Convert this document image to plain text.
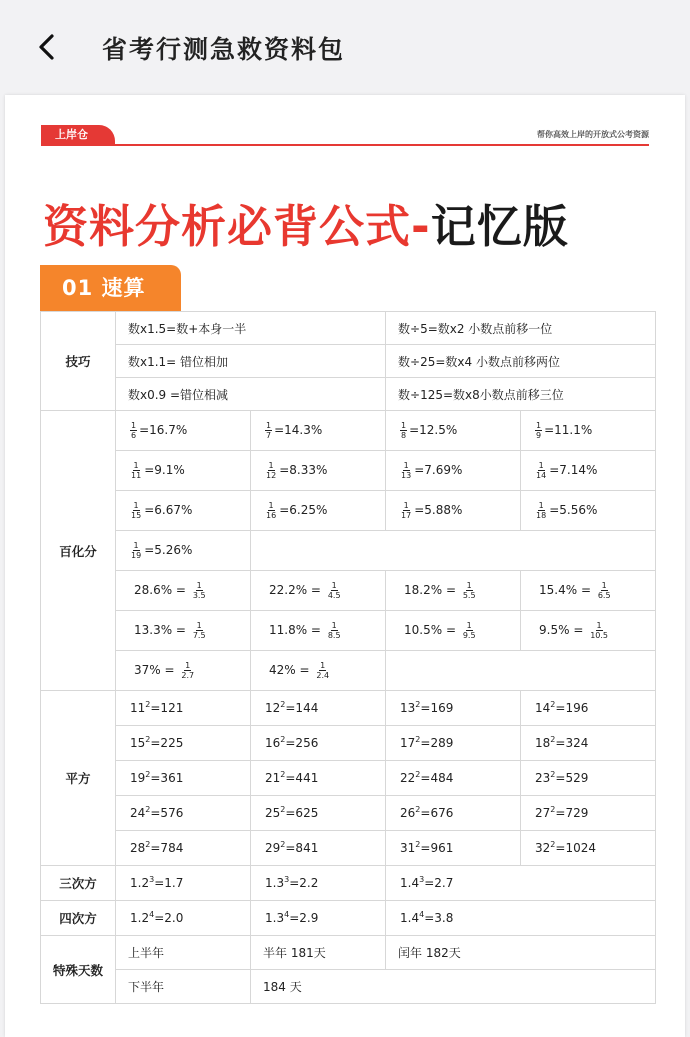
省考行测急救资料包
上岸仓	帮你高效上岸的开放式公考资源
资料分析必背公式-记忆版
01 速算
技巧	数x1.5=数+本身一半		数÷5=数x2 小数点前移一位	
	数x1.1= 错位相加		数÷25=数x4 小数点前移两位	
	数x0.9 =错位相减		数÷125=数x8小数点前移三位	
百化分	$\frac{1}{6} =16.7\%$	$\frac{1}{7} =14.3\%$	$\frac{1}{8} =12.5\%$	$\frac{1}{9} =11.1\%$

	$\frac{1}{11} =9.1\%$	$\frac{1}{12} =8.33\%$	$\frac{1}{13} =7.69\%$	$\frac{1}{14} =7.14\%$

	$\frac{1}{15} =6.67\%$	$\frac{1}{16} =6.25\%$	$\frac{1}{17} =5.88\%$	$\frac{1}{18} =5.56\%$

	$\frac{1}{19} =5.26\%$			
	$28.6\% = \frac{1}{3.5}$	$22.2\% = \frac{1}{4.5}$	$18.2\% = \frac{1}{5.5}$	$15.4\% = \frac{1}{6.5}$

	$13.3\% = \frac{1}{7.5}$	$11.8\% = \frac{1}{8.5}$	$10.5\% = \frac{1}{9.5}$	$9.5\% = \frac{1}{10.5}$

	$37\% = \frac{1}{2.7}$	$42\% = \frac{1}{2.4}$

平方	$11^2=121$	$12^2=144$	$13^2=169$	$14^2=196$
	$15^2=225$	$16^2=256$	$17^2=289$	$18^2=324$
	$19^2=361$	$21^2=441$	$22^2=484$	$23^2=529$
	$24^2=576$	$25^2=625$	$26^2=676$	$27^2=729$
	$28^2=784$	$29^2=841$	$31^2=961$	$32^2=1024$
三次方	$1.2^3=1.7$	$1.3^3=2.2$	$1.4^3=2.7$	
四次方	$1.2^4=2.0$	$1.3^4=2.9$	$1.4^4=3.8$	
特殊天数	上半年	半年 181天	闰年 182天	
	下半年	184 天		
